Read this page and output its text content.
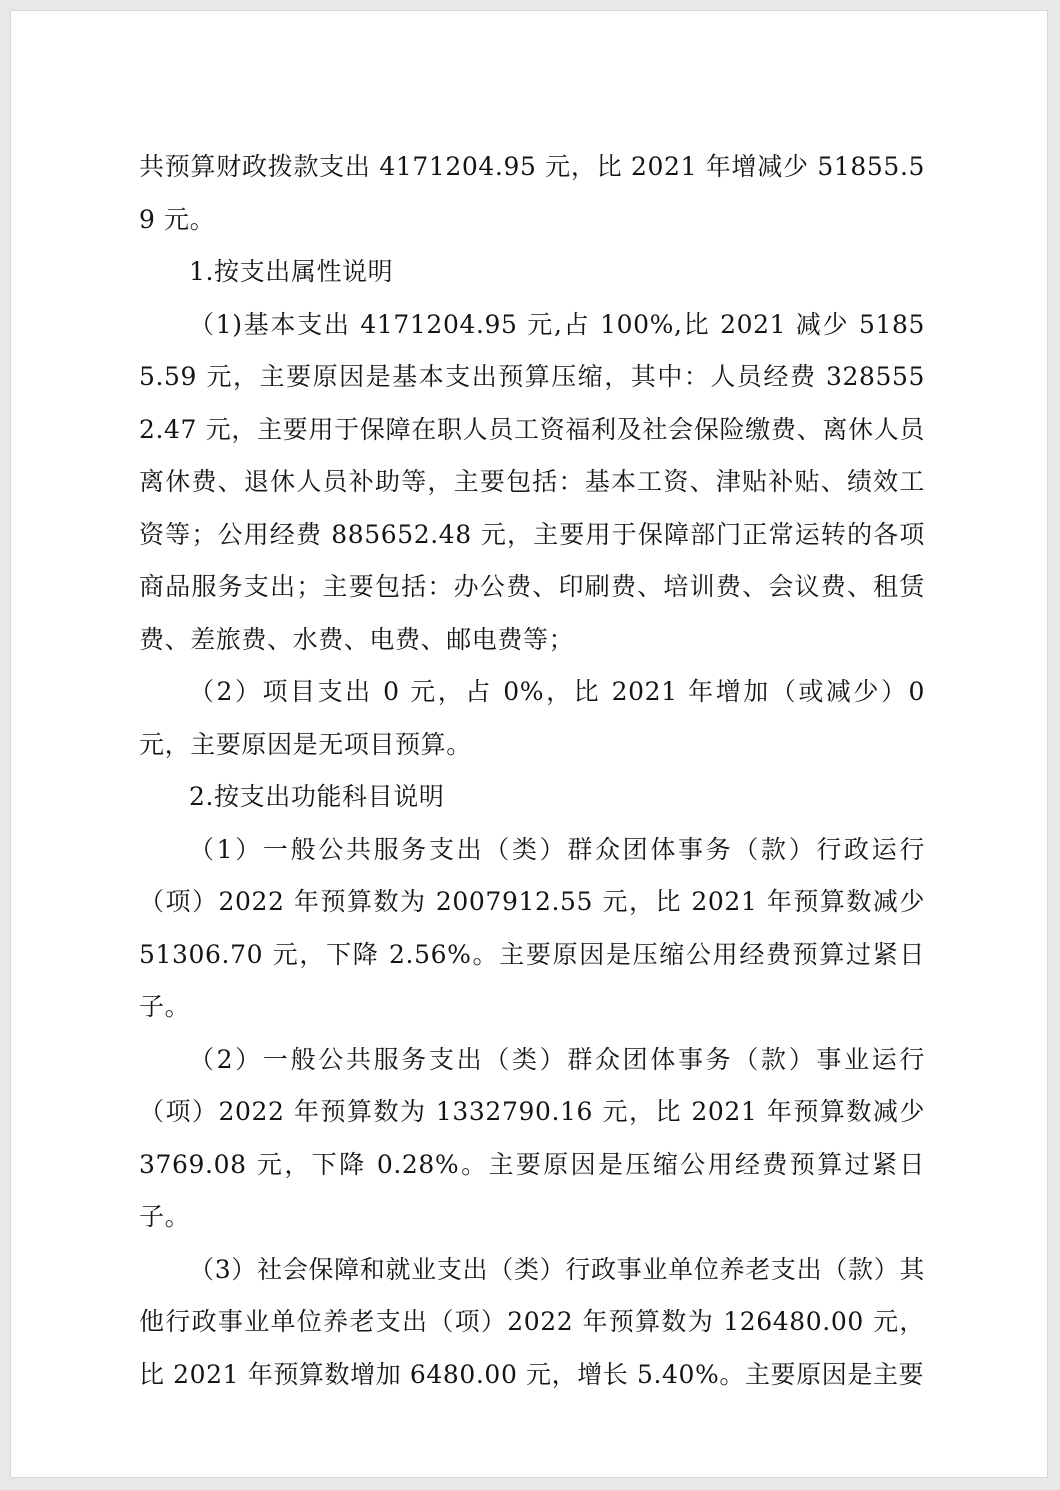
共预算财政拨款支出 4171204.95 元，比 2021 年增减少 51855.59 元。

1.按支出属性说明

（1)基本支出 4171204.95 元,占 100%,比 2021 减少 51855.59 元，主要原因是基本支出预算压缩，其中：人员经费 3285552.47 元，主要用于保障在职人员工资福利及社会保险缴费、离休人员离休费、退休人员补助等，主要包括：基本工资、津贴补贴、绩效工资等；公用经费 885652.48 元，主要用于保障部门正常运转的各项商品服务支出；主要包括：办公费、印刷费、培训费、会议费、租赁费、差旅费、水费、电费、邮电费等；

（2）项目支出 0 元，占 0%，比 2021 年增加（或减少）0 元，主要原因是无项目预算。

2.按支出功能科目说明

（1）一般公共服务支出（类）群众团体事务（款）行政运行（项）2022 年预算数为 2007912.55 元，比 2021 年预算数减少 51306.70 元，下降 2.56%。主要原因是压缩公用经费预算过紧日子。

（2）一般公共服务支出（类）群众团体事务（款）事业运行（项）2022 年预算数为 1332790.16 元，比 2021 年预算数减少 3769.08 元，下降 0.28%。主要原因是压缩公用经费预算过紧日子。

（3）社会保障和就业支出（类）行政事业单位养老支出（款）其他行政事业单位养老支出（项）2022 年预算数为 126480.00 元，比 2021 年预算数增加 6480.00 元，增长 5.40%。主要原因是主要
